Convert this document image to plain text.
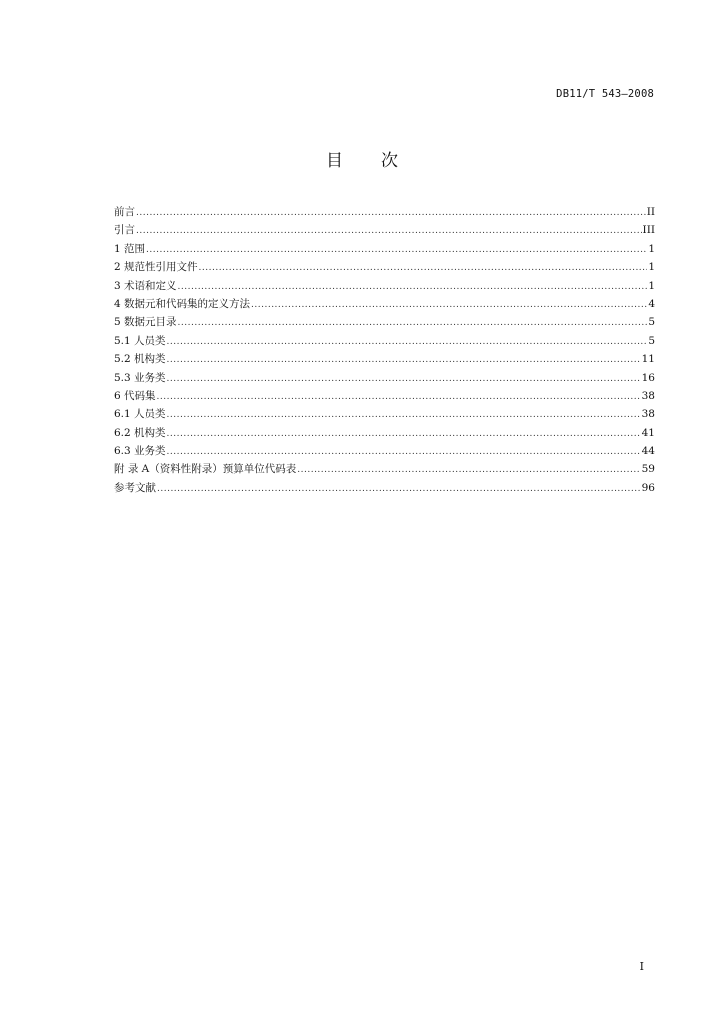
DB11/T 543—2008
目 次
前言 .....	II
引言 .....	III
1 范围 .....	1
2 规范性引用文件 .....	1
3 术语和定义 .....	1
4 数据元和代码集的定义方法 .....	4
5 数据元目录 .....	5
5.1 人员类 .....	5
5.2 机构类 .....	11
5.3 业务类 .....	16
6 代码集 .....	38
6.1 人员类 .....	38
6.2 机构类 .....	41
6.3 业务类 .....	44
附 录 A（资料性附录）预算单位代码表 .....	59
参考文献 .....	96
I
